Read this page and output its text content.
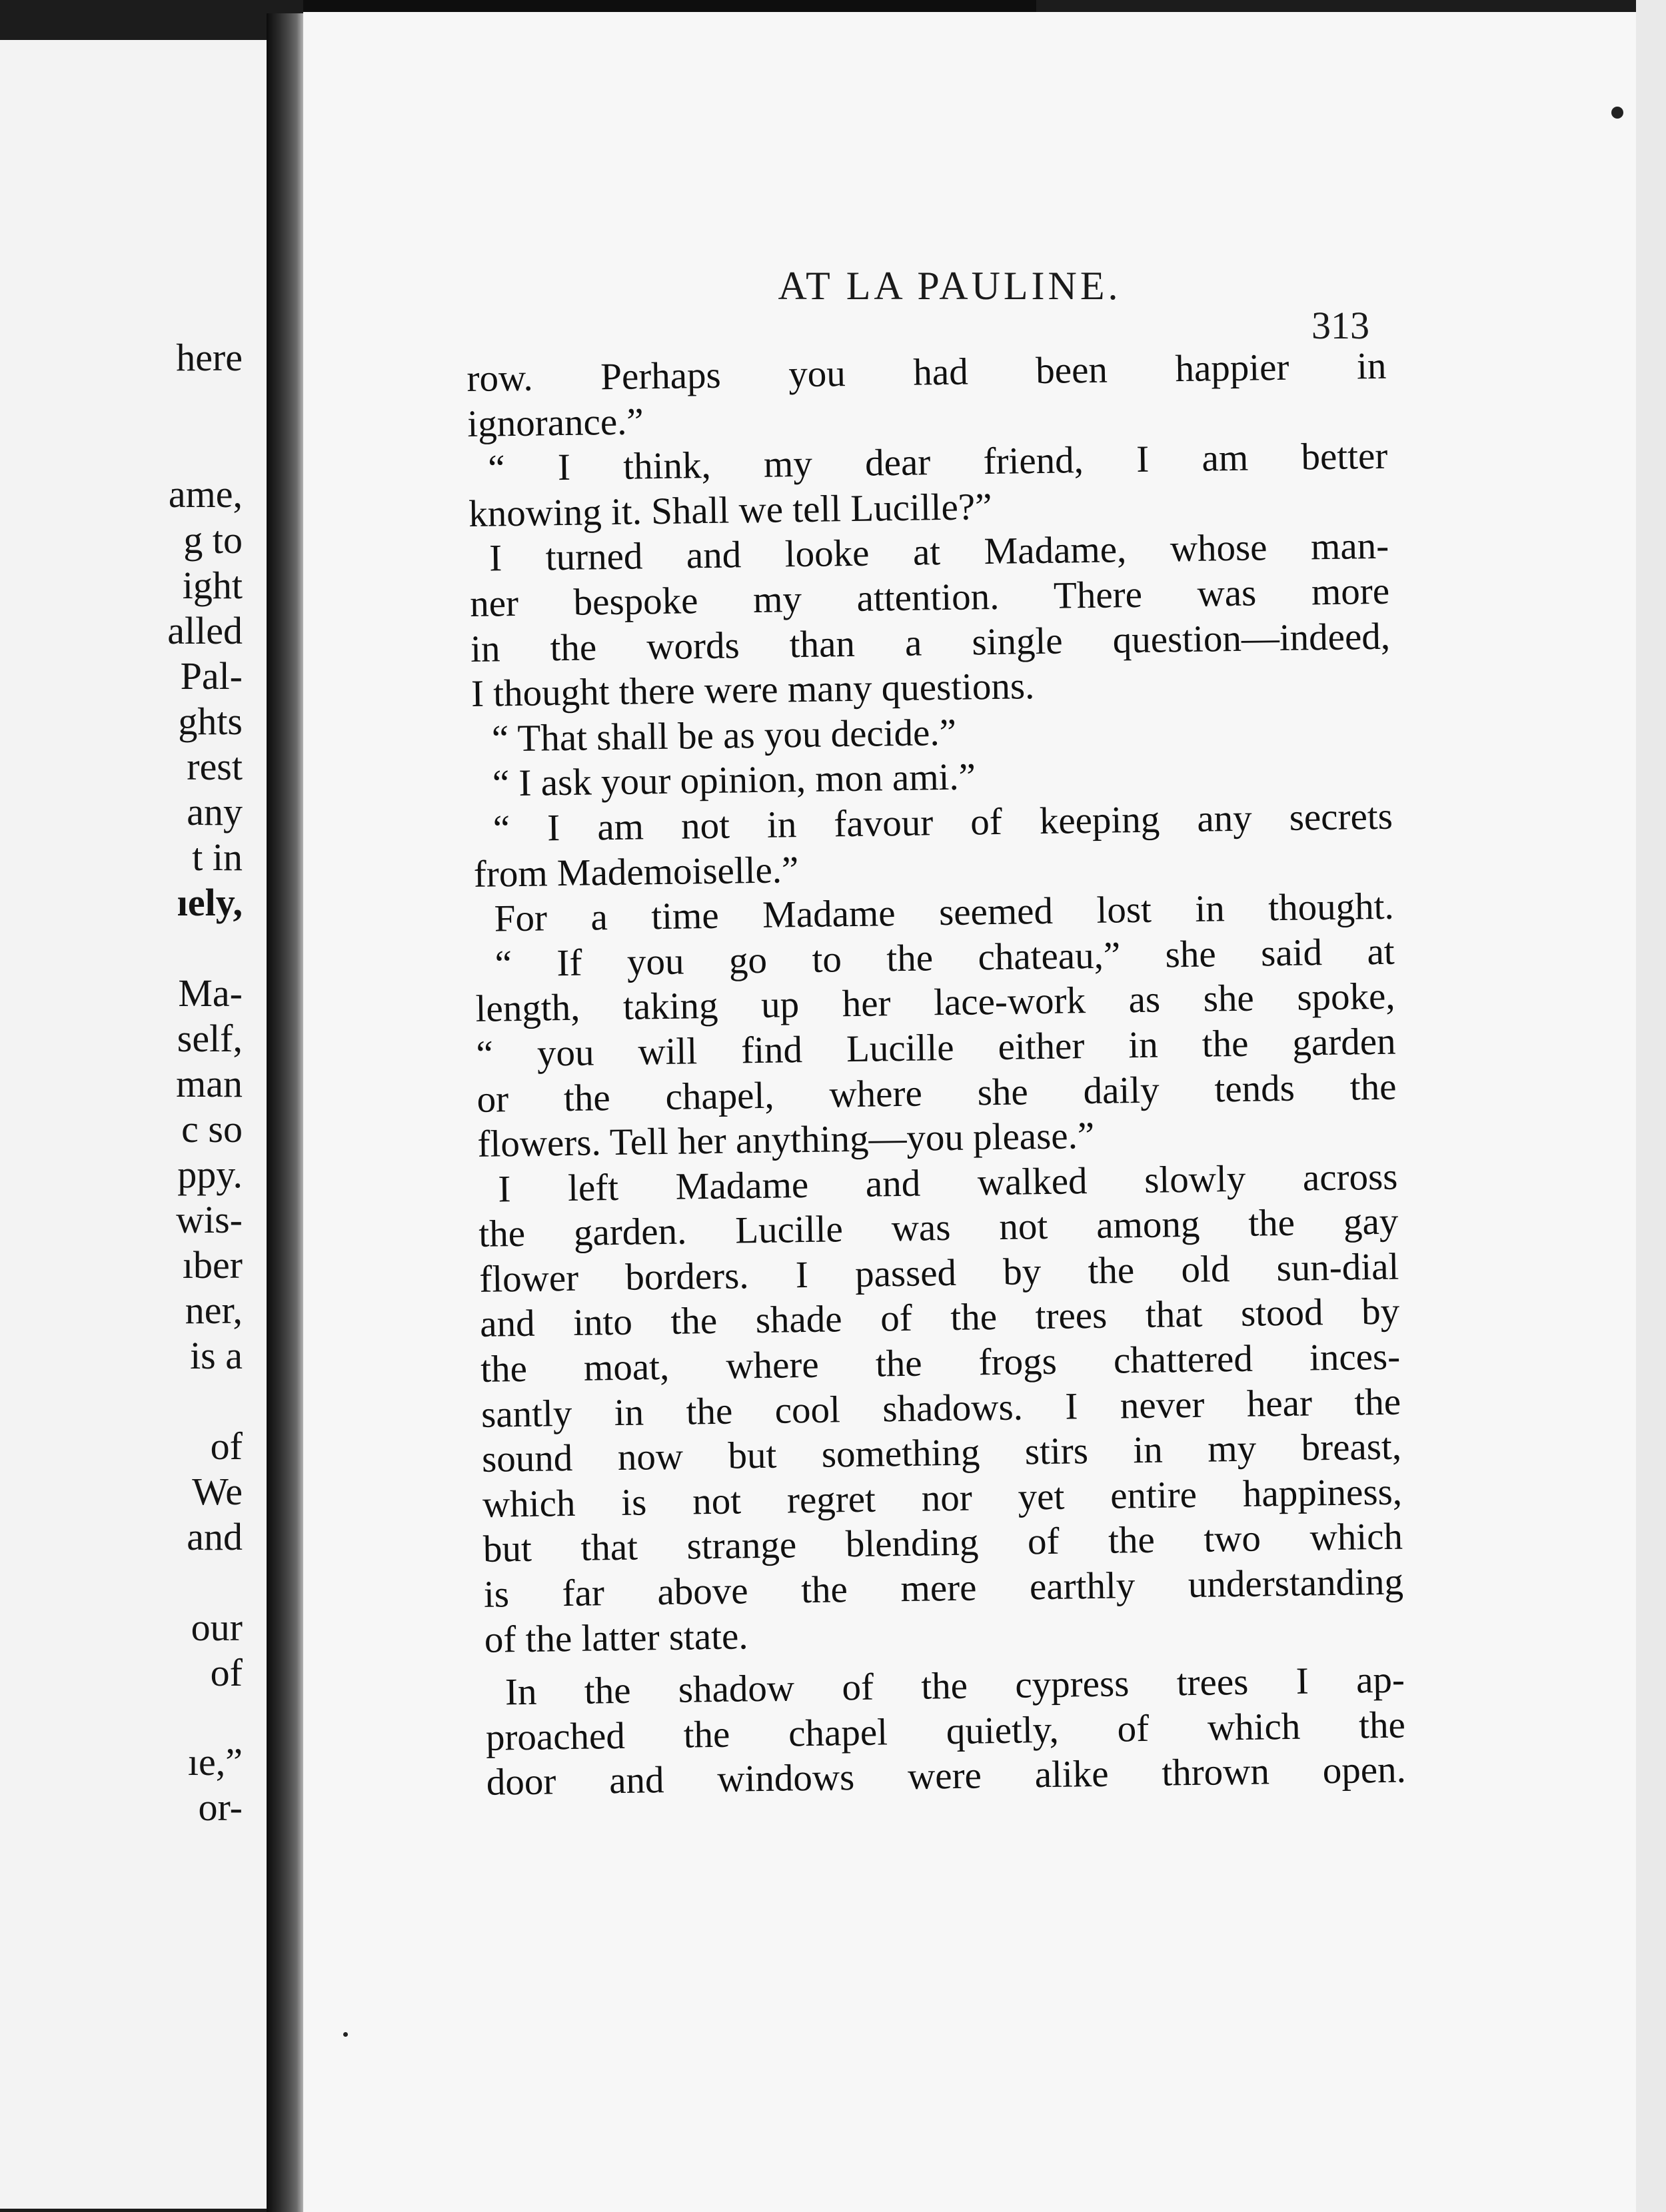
here
ame,
g to
ight
alled
Pal-
ghts
rest
any
t in
ıely,
Ma-
self,
man
c so
ppy.
wis-
ıber
ner,
is a
of
We
and
our
of
ıe,”
or-
AT LA PAULINE.
313
row. Perhaps you had been happier in
ignorance.”
“ I think, my dear friend, I am better
knowing it. Shall we tell Lucille?”
I turned and looke at Madame, whose man-
ner bespoke my attention. There was more
in the words than a single question—indeed,
I thought there were many questions.
“ That shall be as you decide.”
“ I ask your opinion, mon ami.”
“ I am not in favour of keeping any secrets
from Mademoiselle.”
For a time Madame seemed lost in thought.
“ If you go to the chateau,” she said at
length, taking up her lace-work as she spoke,
“ you will find Lucille either in the garden
or the chapel, where she daily tends the
flowers. Tell her anything—you please.”
I left Madame and walked slowly across
the garden. Lucille was not among the gay
flower borders. I passed by the old sun-dial
and into the shade of the trees that stood by
the moat, where the frogs chattered inces-
santly in the cool shadows. I never hear the
sound now but something stirs in my breast,
which is not regret nor yet entire happiness,
but that strange blending of the two which
is far above the mere earthly understanding
of the latter state.
In the shadow of the cypress trees I ap-
proached the chapel quietly, of which the
door and windows were alike thrown open.
